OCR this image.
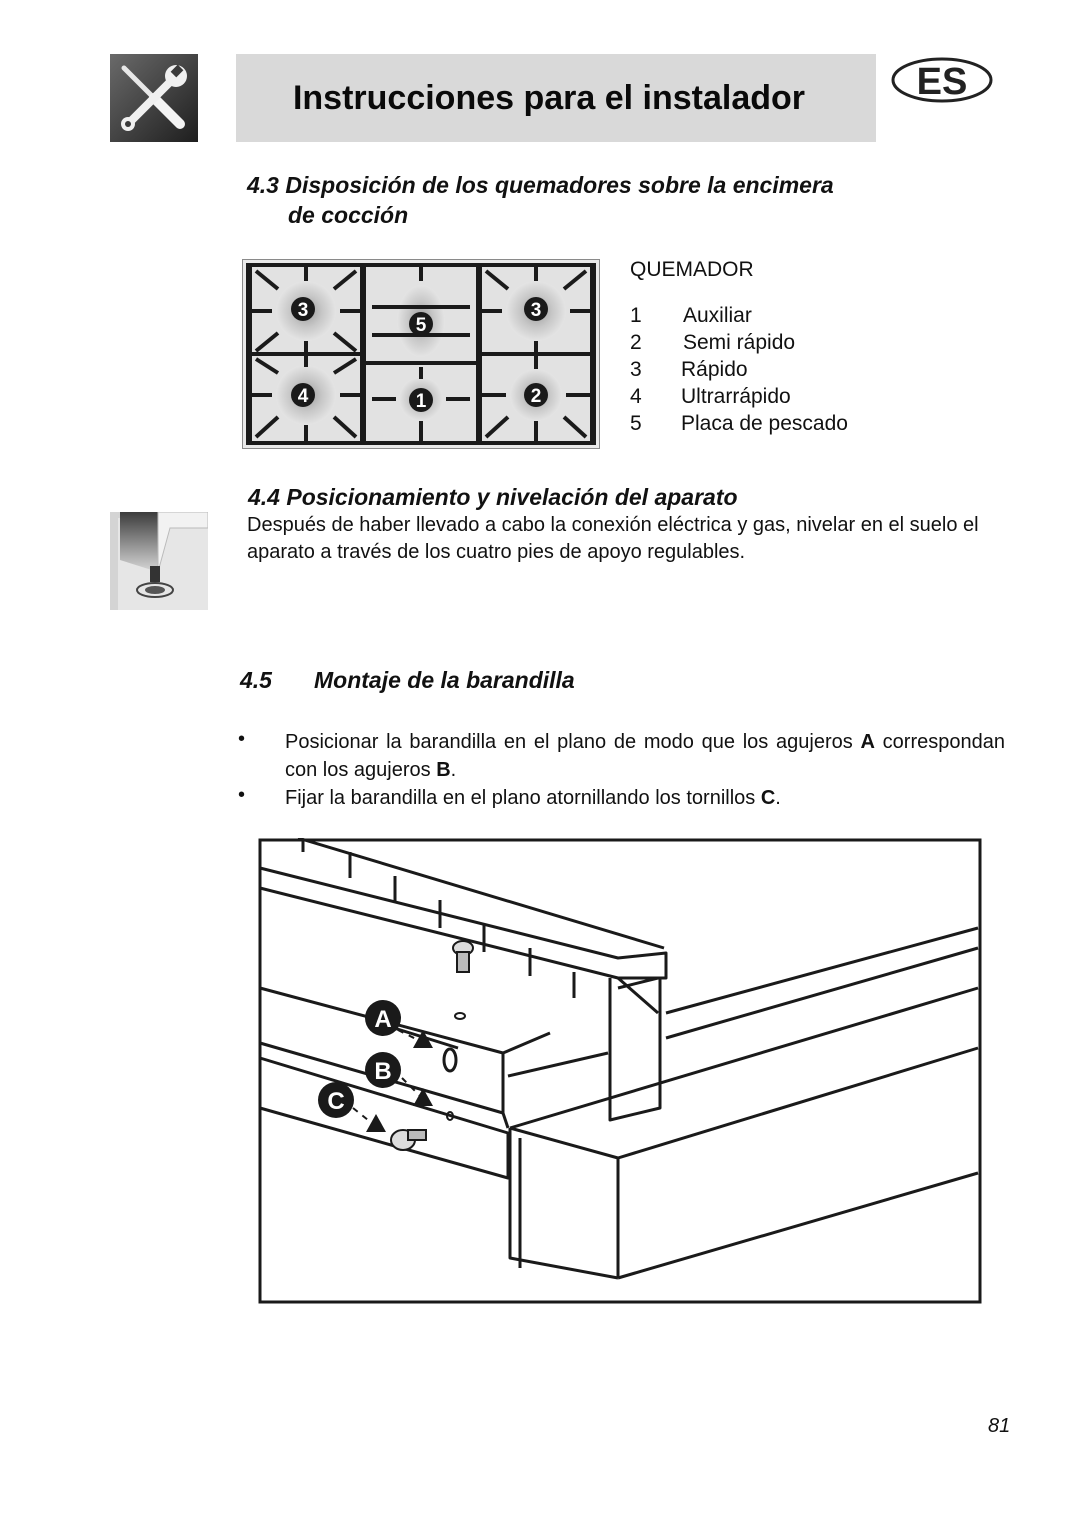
Instrucciones para el instalador	ES
4.3 Disposición de los quemadores sobre la encimera
de cocción
3
5
3
4	1	2
QUEMADOR
1 Auxiliar
2 Semi rápido
3 Rápido
4 Ultrarrápido
5 Placa de pescado
4.4 Posicionamiento y nivelación del aparato
Después de haber llevado a cabo la conexión eléctrica y gas, nivelar en el suelo el aparato a través de los cuatro pies de apoyo regulables.
4.5 Montaje de la barandilla
• Posicionar la barandilla en el plano de modo que los agujeros A correspondan con los agujeros B.
• Fijar la barandilla en el plano atornillando los tornillos C.
A
B
C
81
